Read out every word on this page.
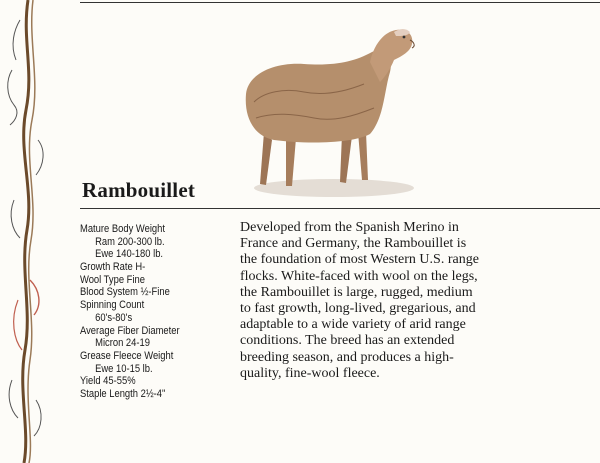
Rambouillet
Mature Body Weight
Ram 200-300 lb.
Ewe 140-180 lb.
Growth Rate H-
Wool Type Fine
Blood System ½-Fine
Spinning Count
60's-80's
Average Fiber Diameter
Micron 24-19
Grease Fleece Weight
Ewe 10-15 lb.
Yield 45-55%
Staple Length 2½-4"
Developed from the Spanish Merino in
France and Germany, the Rambouillet is
the foundation of most Western U.S. range
flocks. White-faced with wool on the legs,
the Rambouillet is large, rugged, medium
to fast growth, long-lived, gregarious, and
adaptable to a wide variety of arid range
conditions. The breed has an extended
breeding season, and produces a high-
quality, fine-wool fleece.
